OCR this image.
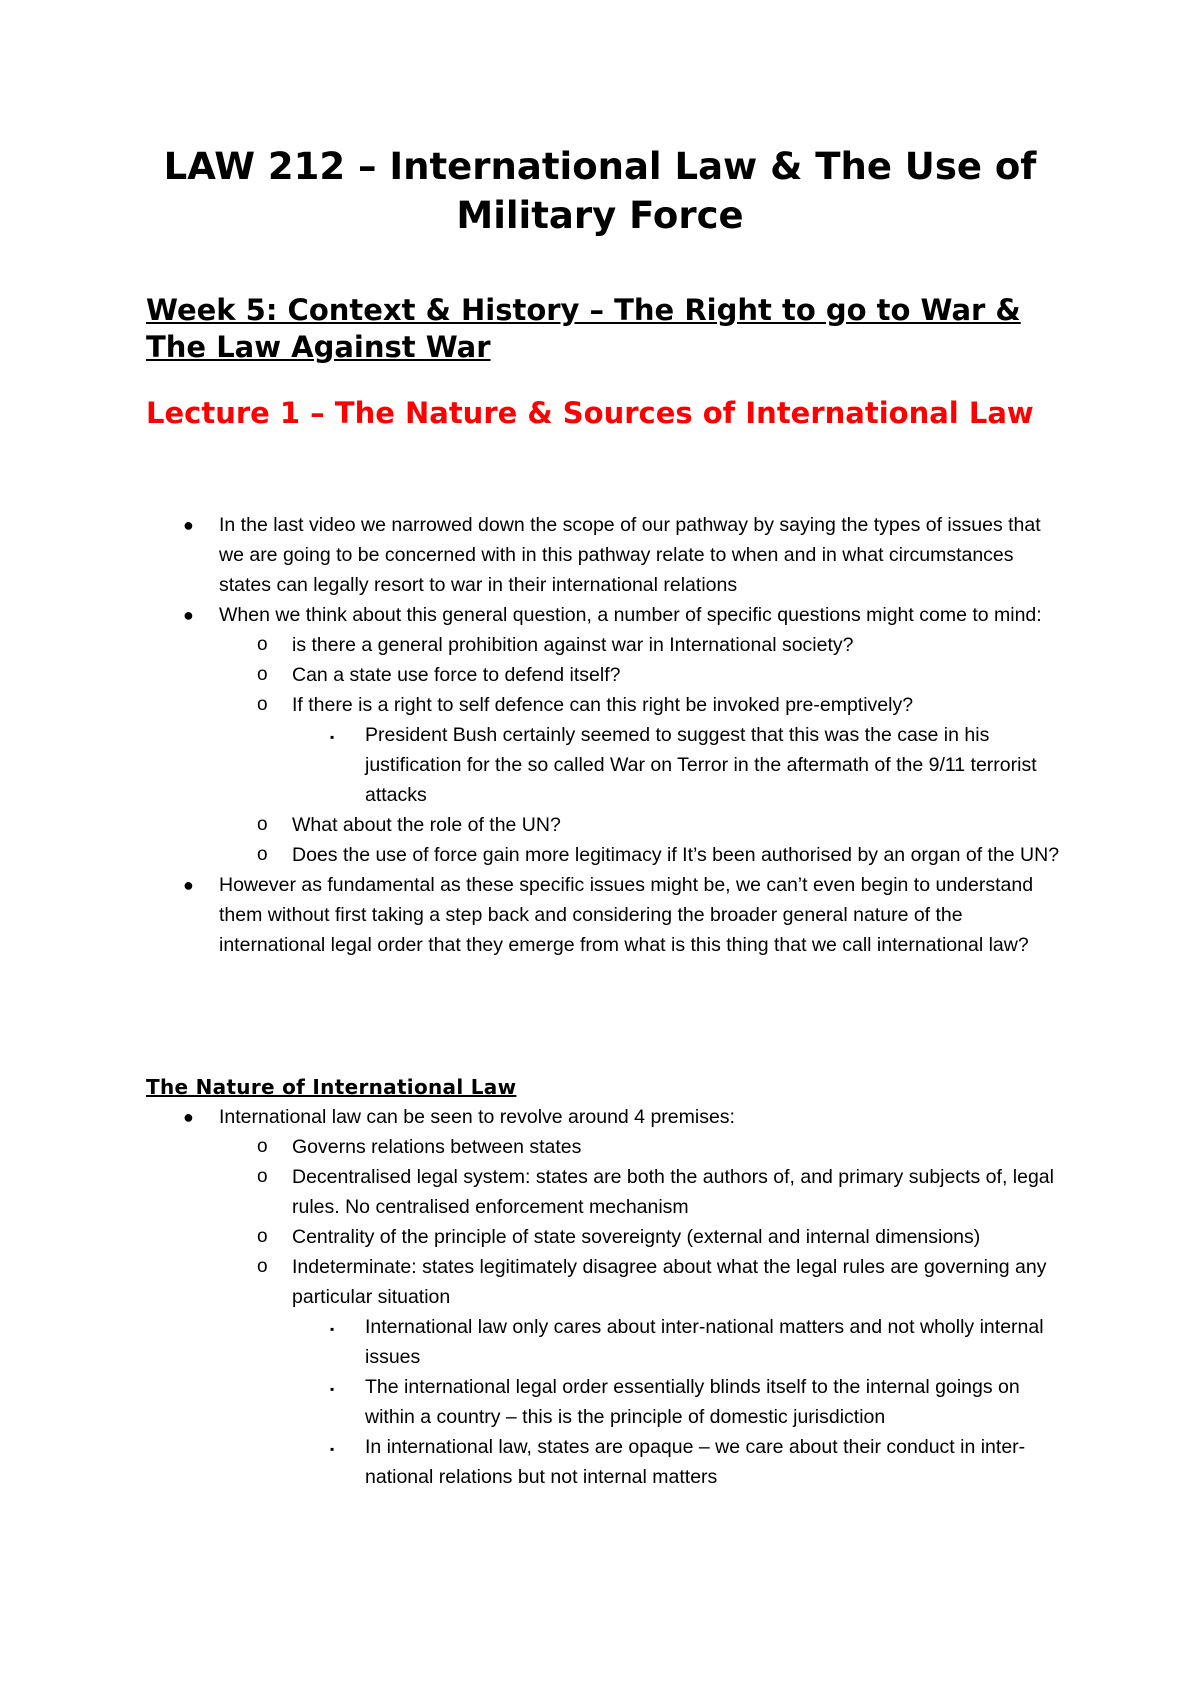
LAW 212 – International Law & The Use of Military Force
Week 5: Context & History – The Right to go to War & The Law Against War
Lecture 1 – The Nature & Sources of International Law
● In the last video we narrowed down the scope of our pathway by saying the types of issues that we are going to be concerned with in this pathway relate to when and in what circumstances states can legally resort to war in their international relations
● When we think about this general question, a number of specific questions might come to mind:
o is there a general prohibition against war in International society?
o Can a state use force to defend itself?
o If there is a right to self defence can this right be invoked pre-emptively?
▪ President Bush certainly seemed to suggest that this was the case in his justification for the so called War on Terror in the aftermath of the 9/11 terrorist attacks
o What about the role of the UN?
o Does the use of force gain more legitimacy if It’s been authorised by an organ of the UN?
● However as fundamental as these specific issues might be, we can’t even begin to understand them without first taking a step back and considering the broader general nature of the international legal order that they emerge from what is this thing that we call international law?
The Nature of International Law
● International law can be seen to revolve around 4 premises:
o Governs relations between states
o Decentralised legal system: states are both the authors of, and primary subjects of, legal rules. No centralised enforcement mechanism
o Centrality of the principle of state sovereignty (external and internal dimensions)
o Indeterminate: states legitimately disagree about what the legal rules are governing any particular situation
▪ International law only cares about inter-national matters and not wholly internal issues
▪ The international legal order essentially blinds itself to the internal goings on within a country – this is the principle of domestic jurisdiction
▪ In international law, states are opaque – we care about their conduct in inter-national relations but not internal matters
